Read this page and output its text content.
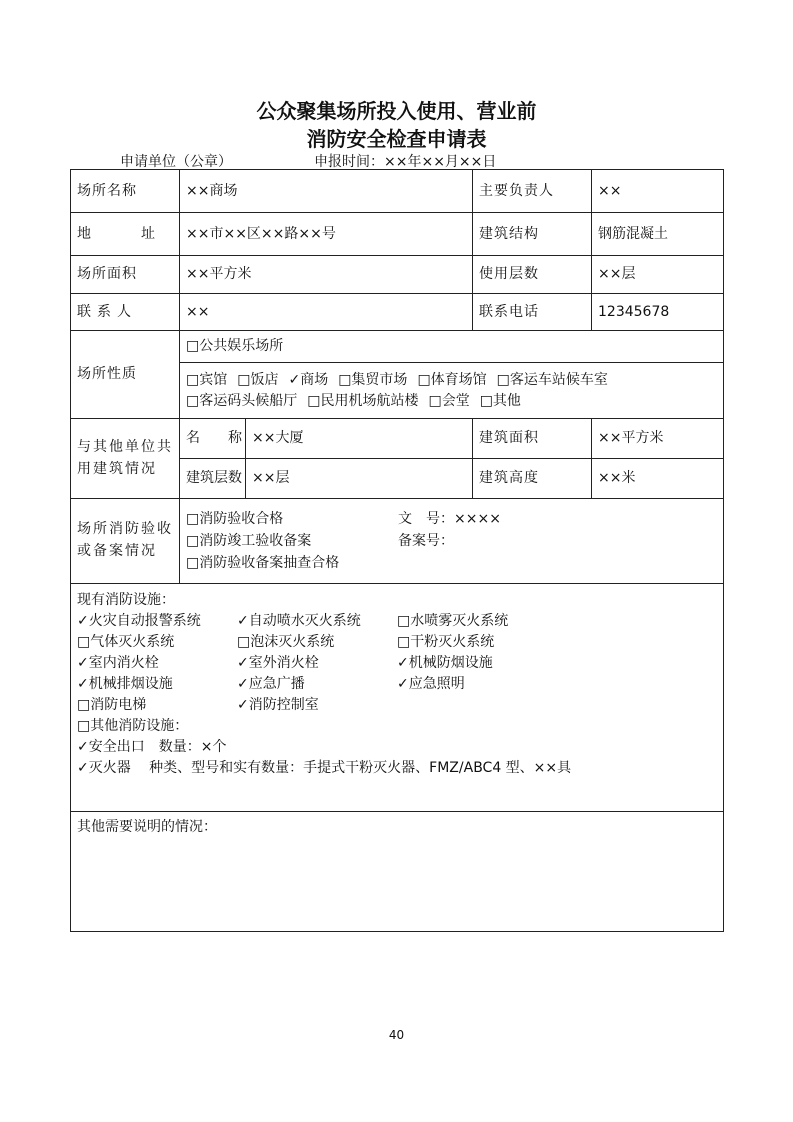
公众聚集场所投入使用、营业前
消防安全检查申请表
申请单位（公章）	申报时间：××年××月××日
场所名称	××商场	主要负责人	××
地　址	××市××区××路××号	建筑结构	钢筋混凝土
场所面积	××平方米	使用层数	××层
联系人	××	联系电话	12345678
场所性质	□公共娱乐场所

□宾馆 □饭店 ✓商场 □集贸市场 □体育场馆 □客运车站候车室
□客运码头候船厅 □民用机场航站楼 □会堂 □其他

与其他单位共用建筑情况	名　　称	××大厦	建筑面积	××平方米
建筑层数	××层	建筑高度	××米
场所消防验收或备案情况	
□消防验收合格	文　号：××××
□消防竣工验收备案	备案号：
□消防验收备案抽查合格

现有消防设施：
✓火灾自动报警系统	✓自动喷水灭火系统	□水喷雾灭火系统
□气体灭火系统	□泡沫灭火系统	□干粉灭火系统
✓室内消火栓	✓室外消火栓	✓机械防烟设施
✓机械排烟设施	✓应急广播	✓应急照明
□消防电梯	✓消防控制室
□其他消防设施：
✓安全出口　数量：×个
✓灭火器　 种类、型号和实有数量：手提式干粉灭火器、FMZ/ABC4 型、××具

其他需要说明的情况：
40
